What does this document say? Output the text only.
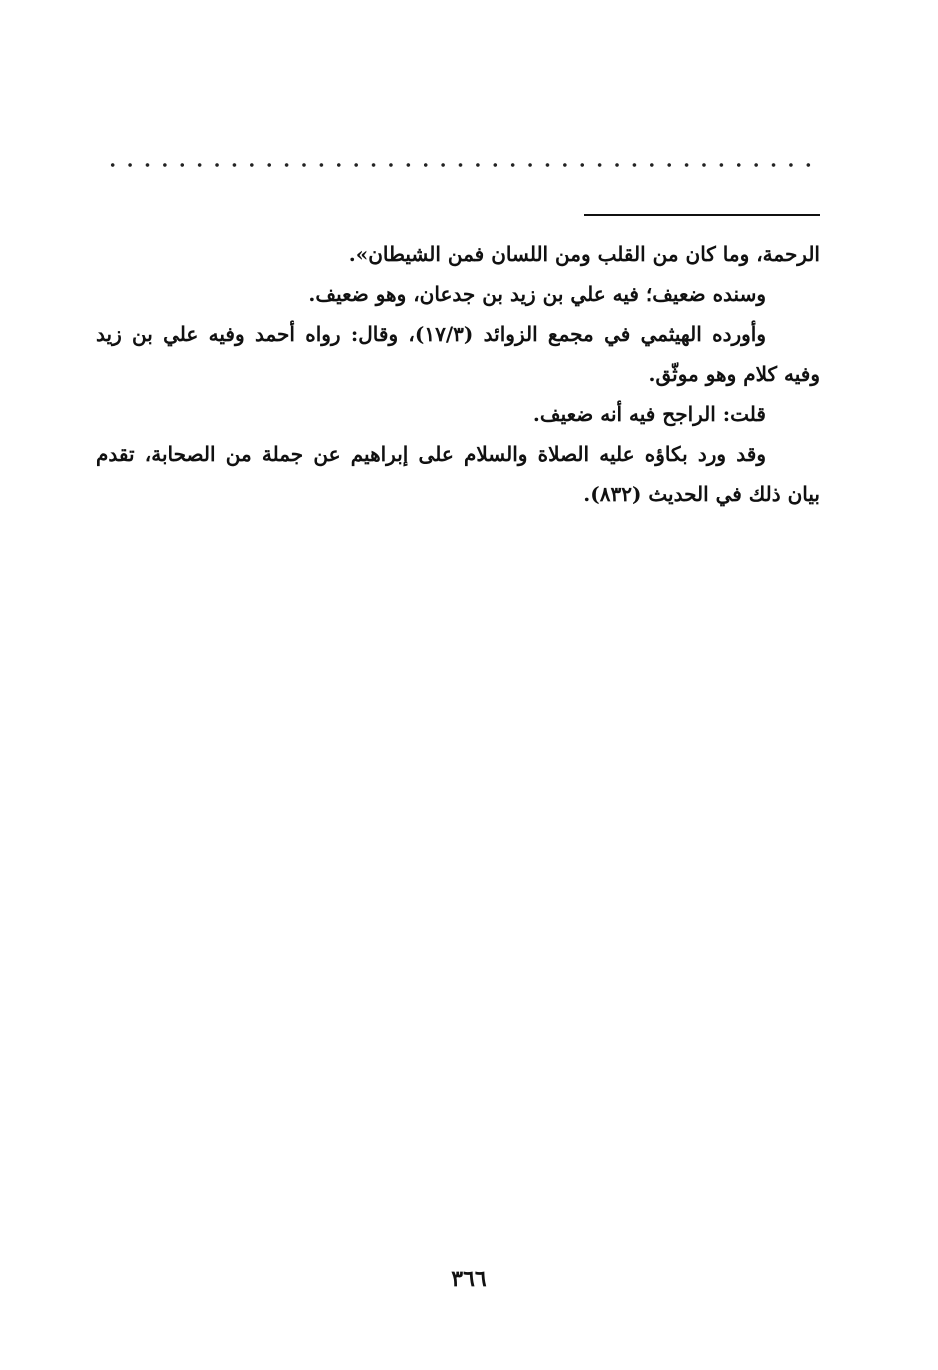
الرحمة، وما كان من القلب ومن اللسان فمن الشيطان».

وسنده ضعيف؛ فيه علي بن زيد بن جدعان، وهو ضعيف.

وأورده الهيثمي في مجمع الزوائد (١٧/٣)، وقال: رواه أحمد وفيه علي بن زيد وفيه كلام وهو موثّق.

قلت: الراجح فيه أنه ضعيف.

وقد ورد بكاؤه عليه الصلاة والسلام على إبراهيم عن جملة من الصحابة، تقدم بيان ذلك في الحديث (٨٣٢).

٣٦٦
